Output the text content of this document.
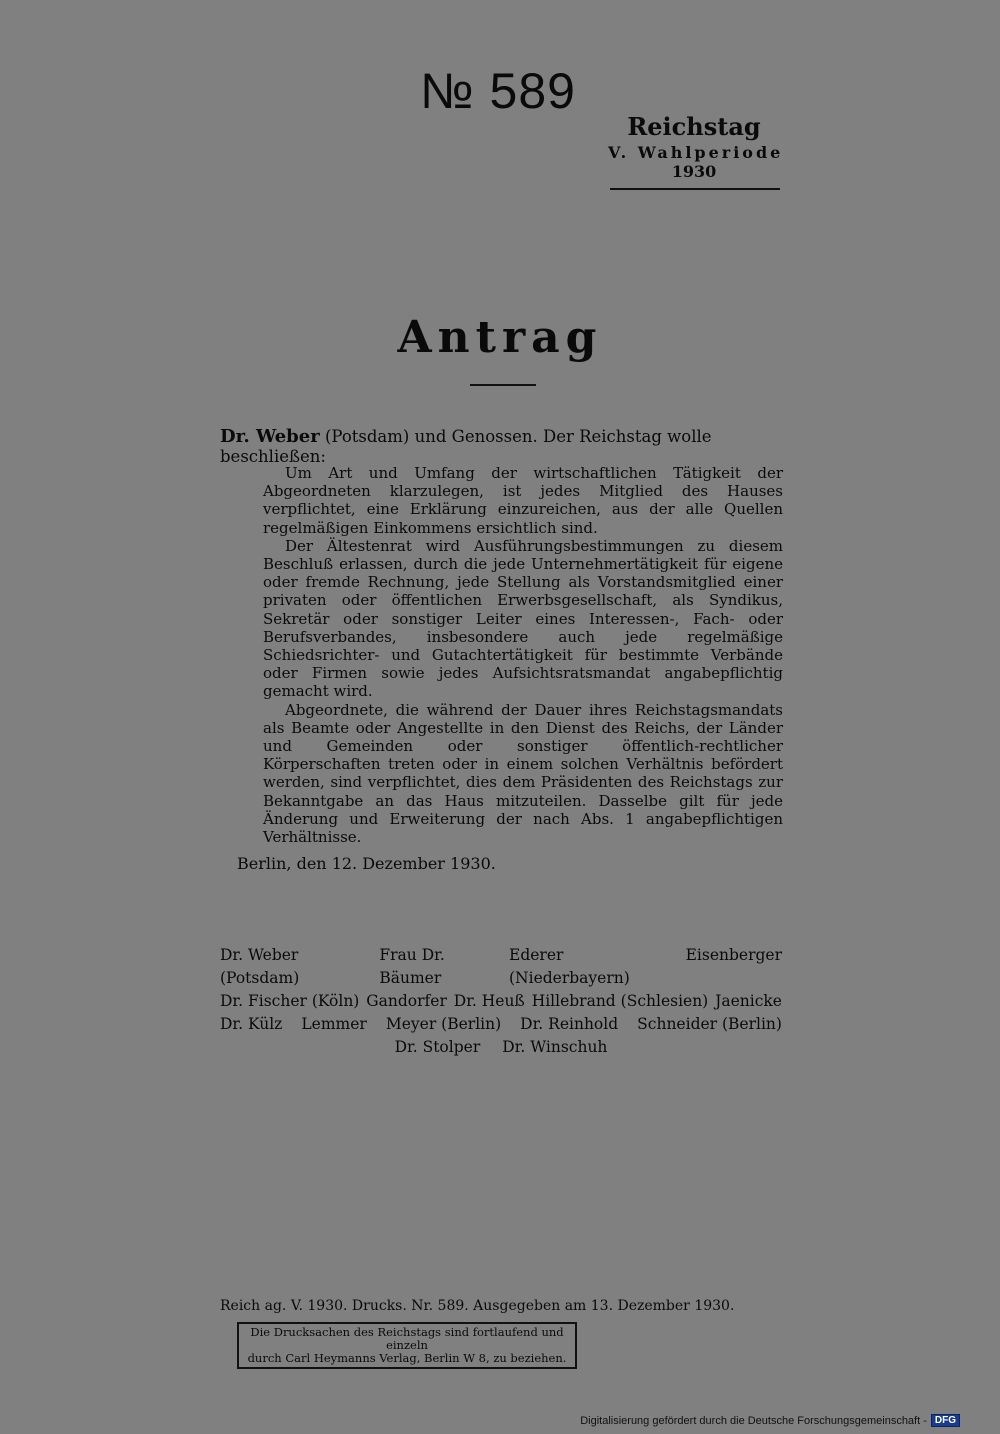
№ 589
Reichstag
V. Wahlperiode
1930
Antrag
Dr. Weber (Potsdam) und Genossen. Der Reichstag wolle beschließen:

Um Art und Umfang der wirtschaftlichen Tätigkeit der Abgeordneten klarzulegen, ist jedes Mitglied des Hauses verpflichtet, eine Erklärung einzureichen, aus der alle Quellen regelmäßigen Einkommens ersichtlich sind.

Der Ältestenrat wird Ausführungsbestimmungen zu diesem Beschluß erlassen, durch die jede Unternehmertätigkeit für eigene oder fremde Rechnung, jede Stellung als Vorstandsmitglied einer privaten oder öffentlichen Erwerbsgesellschaft, als Syndikus, Sekretär oder sonstiger Leiter eines Interessen-, Fach- oder Berufsverbandes, insbesondere auch jede regelmäßige Schiedsrichter- und Gutachtertätigkeit für bestimmte Verbände oder Firmen sowie jedes Aufsichtsratsmandat angabepflichtig gemacht wird.

Abgeordnete, die während der Dauer ihres Reichstagsmandats als Beamte oder Angestellte in den Dienst des Reichs, der Länder und Gemeinden oder sonstiger öffentlich-rechtlicher Körperschaften treten oder in einem solchen Verhältnis befördert werden, sind verpflichtet, dies dem Präsidenten des Reichstags zur Bekanntgabe an das Haus mitzuteilen. Dasselbe gilt für jede Änderung und Erweiterung der nach Abs. 1 angabepflichtigen Verhältnisse.

Berlin, den 12. Dezember 1930.
Dr. Weber (Potsdam)
Frau Dr. Bäumer
Ederer (Niederbayern)
Eisenberger
Dr. Fischer (Köln) Gandorfer Dr. Heuß Hillebrand (Schlesien) Jaenicke
Dr. Külz Lemmer Meyer (Berlin) Dr. Reinhold Schneider (Berlin)
Dr. Stolper Dr. Winschuh
Reich ag. V. 1930. Drucks. Nr. 589. Ausgegeben am 13. Dezember 1930.
Die Drucksachen des Reichstags sind fortlaufend und einzeln
durch Carl Heymanns Verlag, Berlin W 8, zu beziehen.
Digitalisierung gefördert durch die Deutsche Forschungsgemeinschaft - DFG
